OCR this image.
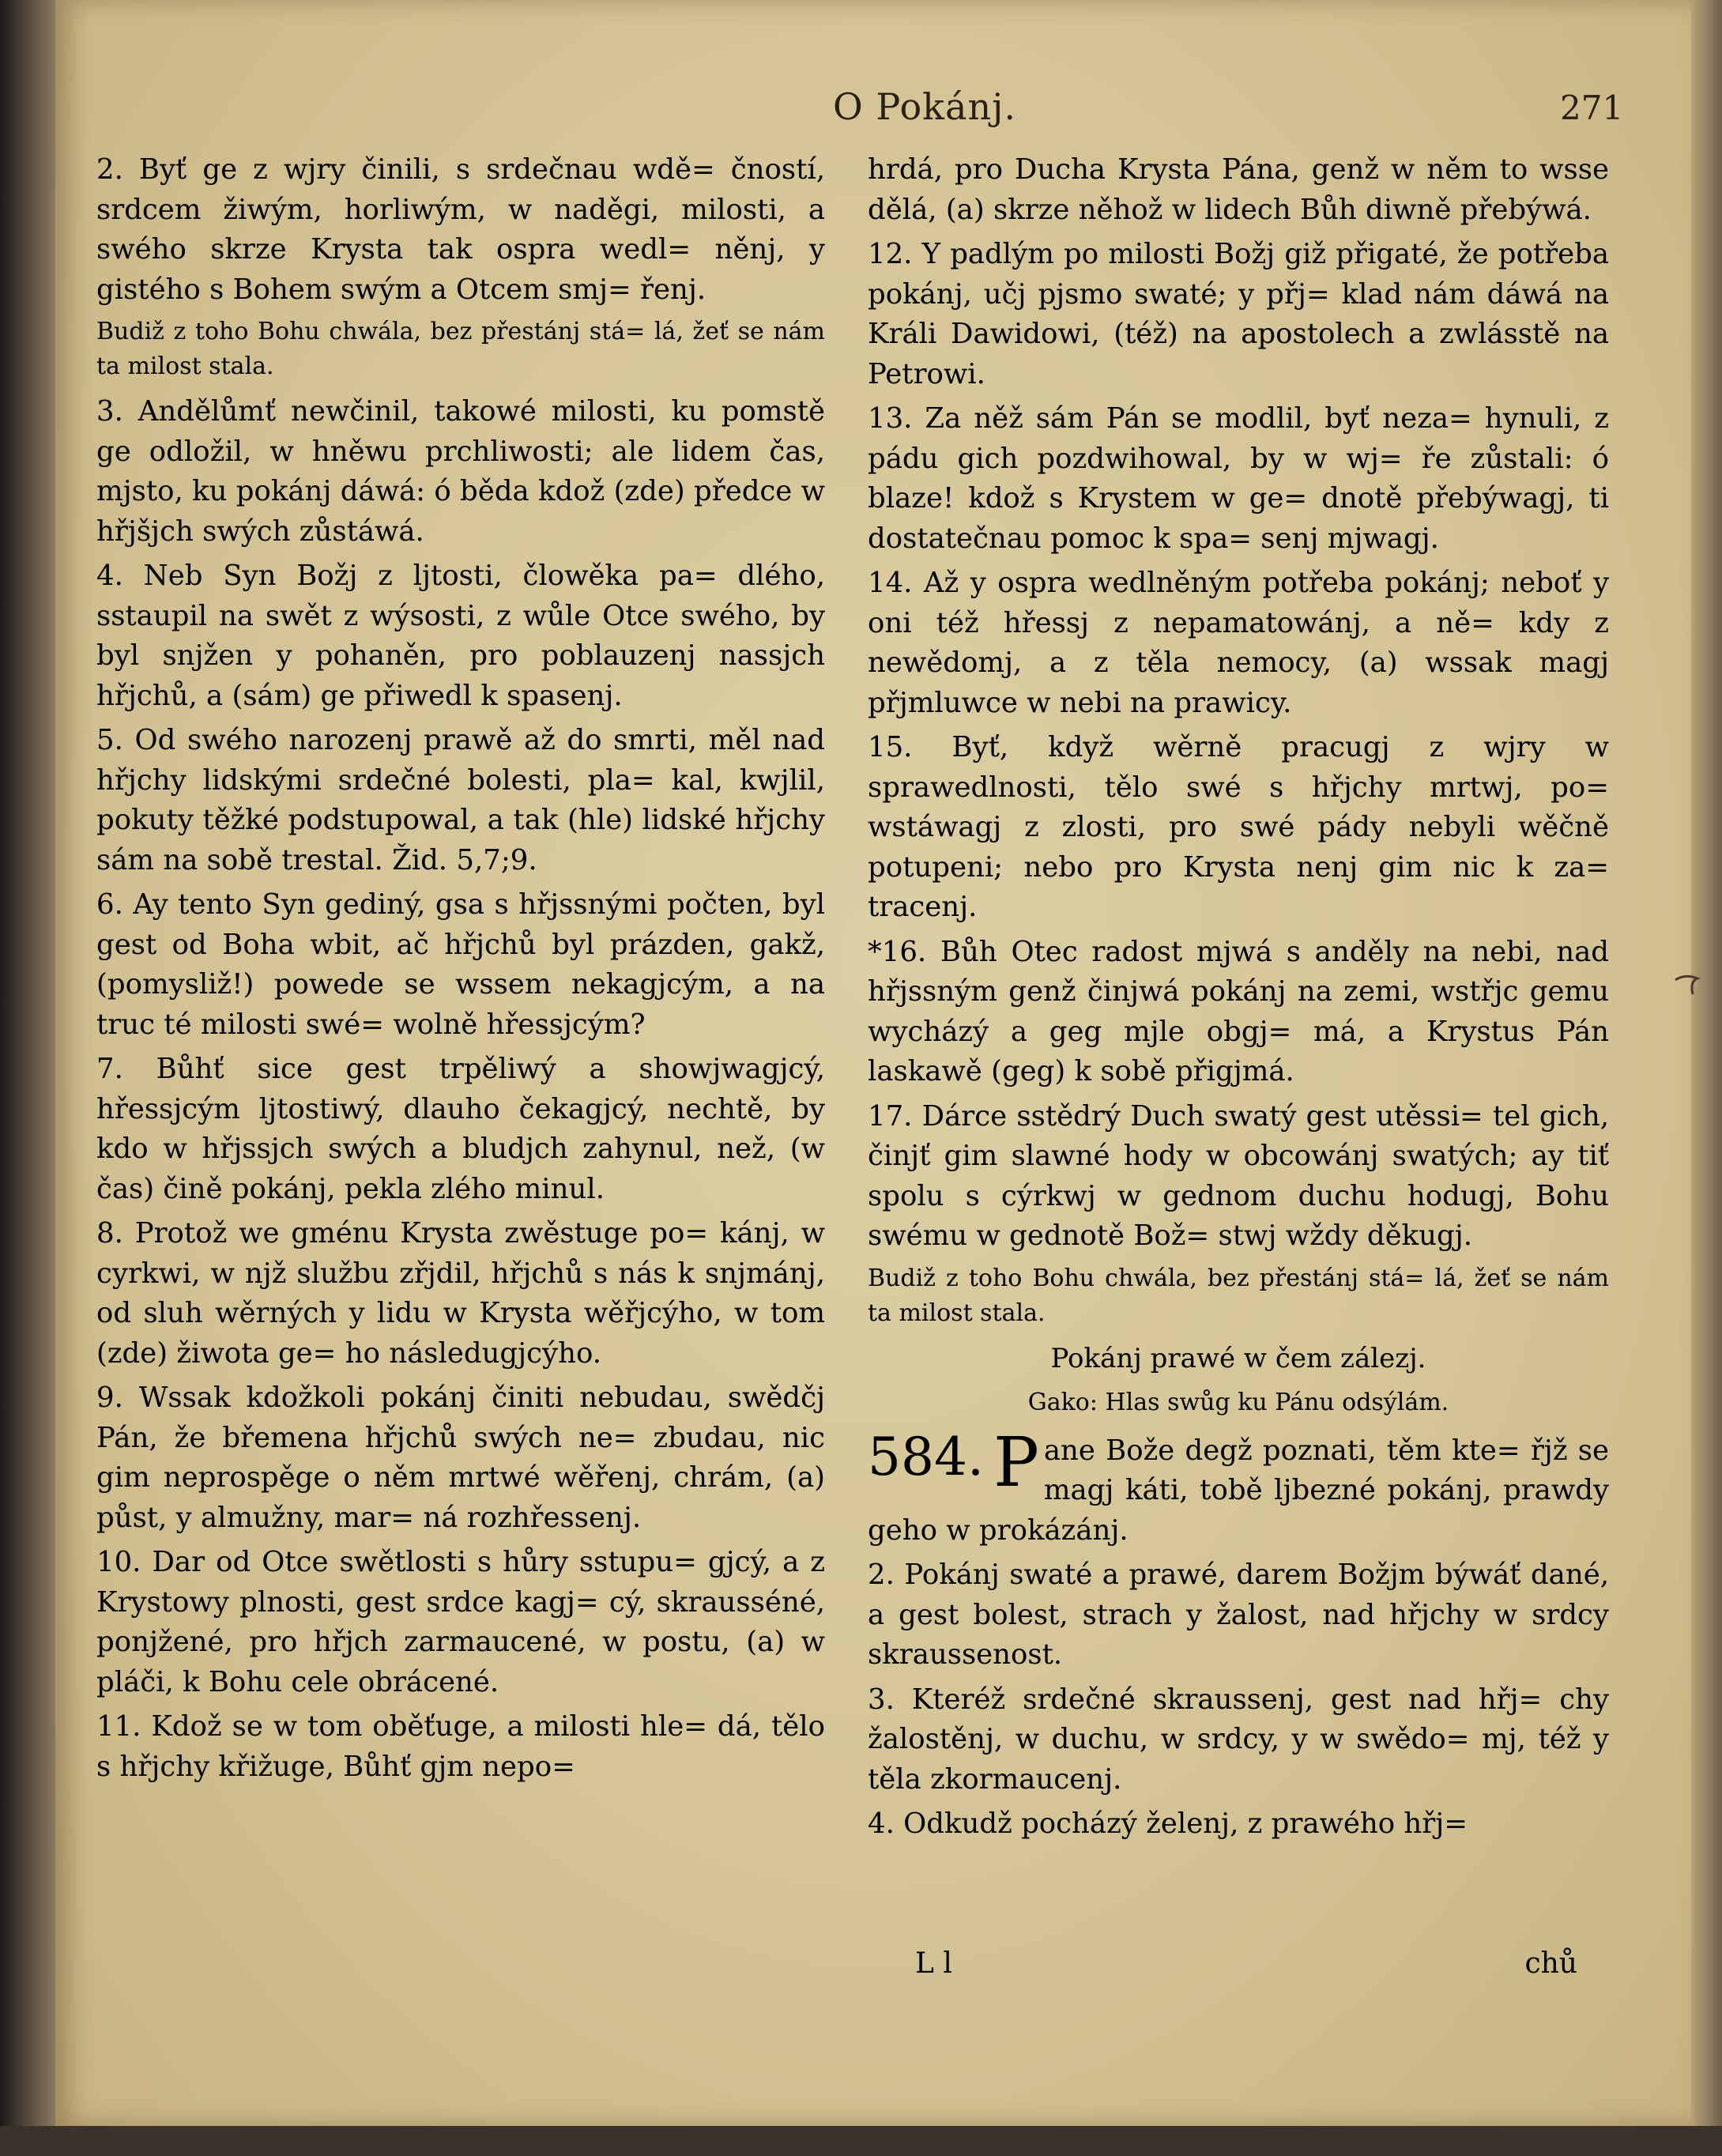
O Pokánj.	271

2. Byť ge z wjry činili, s srdečnau wdě= čností, srdcem žiwým, horliwým, w naděgi, milosti, a swého skrze Krysta tak ospra wedl= něnj, y gistého s Bohem swým a Otcem smj= řenj.

Budiž z toho Bohu chwála, bez přestánj stá= lá, žeť se nám ta milost stala.

3. Andělůmť newčinil, takowé milosti, ku pomstě ge odložil, w hněwu prchliwosti; ale lidem čas, mjsto, ku pokánj dáwá: ó běda kdož (zde) předce w hřjšjch swých zůstáwá.

4. Neb Syn Božj z ljtosti, člowěka pa= dlého, sstaupil na swět z wýsosti, z wůle Otce swého, by byl snjžen y pohaněn, pro poblauzenj nassjch hřjchů, a (sám) ge přiwedl k spasenj.

5. Od swého narozenj prawě až do smrti, měl nad hřjchy lidskými srdečné bolesti, pla= kal, kwjlil, pokuty těžké podstupowal, a tak (hle) lidské hřjchy sám na sobě trestal. Žid. 5,7;9.

6. Ay tento Syn gediný, gsa s hřjssnými počten, byl gest od Boha wbit, ač hřjchů byl prázden, gakž, (pomysliž!) powede se wssem nekagjcým, a na truc té milosti swé= wolně hřessjcým?

7. Bůhť sice gest trpěliwý a showjwagjcý, hřessjcým ljtostiwý, dlauho čekagjcý, nechtě, by kdo w hřjssjch swých a bludjch zahynul, než, (w čas) čině pokánj, pekla zlého minul.

8. Protož we gménu Krysta zwěstuge po= kánj, w cyrkwi, w njž službu zřjdil, hřjchů s nás k snjmánj, od sluh wěrných y lidu w Krysta wěřjcýho, w tom (zde) žiwota ge= ho následugjcýho.

9. Wssak kdožkoli pokánj činiti nebudau, swědčj Pán, že břemena hřjchů swých ne= zbudau, nic gim neprospěge o něm mrtwé wěřenj, chrám, (a) půst, y almužny, mar= ná rozhřessenj.

10. Dar od Otce swětlosti s hůry sstupu= gjcý, a z Krystowy plnosti, gest srdce kagj= cý, skrausséné, ponjžené, pro hřjch zarmaucené, w postu, (a) w pláči, k Bohu cele obrácené.

11. Kdož se w tom oběťuge, a milosti hle= dá, tělo s hřjchy křižuge, Bůhť gjm nepo=

hrdá, pro Ducha Krysta Pána, genž w něm to wsse dělá, (a) skrze něhož w lidech Bůh diwně přebýwá.

12. Y padlým po milosti Božj giž přigaté, že potřeba pokánj, učj pjsmo swaté; y přj= klad nám dáwá na Králi Dawidowi, (též) na apostolech a zwlásstě na Petrowi.

13. Za něž sám Pán se modlil, byť neza= hynuli, z pádu gich pozdwihowal, by w wj= ře zůstali: ó blaze! kdož s Krystem w ge= dnotě přebýwagj, ti dostatečnau pomoc k spa= senj mjwagj.

14. Až y ospra wedlněným potřeba pokánj; neboť y oni též hřessj z nepamatowánj, a ně= kdy z newědomj, a z těla nemocy, (a) wssak magj přjmluwce w nebi na prawicy.

15. Byť, když wěrně pracugj z wjry w sprawedlnosti, tělo swé s hřjchy mrtwj, po= wstáwagj z zlosti, pro swé pády nebyli wěčně potupeni; nebo pro Krysta nenj gim nic k za= tracenj.

*16. Bůh Otec radost mjwá s anděly na nebi, nad hřjssným genž činjwá pokánj na zemi, wstřjc gemu wycházý a geg mjle obgj= má, a Krystus Pán laskawě (geg) k sobě přigjmá.

17. Dárce sstědrý Duch swatý gest utěssi= tel gich, činjť gim slawné hody w obcowánj swatých; ay tiť spolu s cýrkwj w gednom duchu hodugj, Bohu swému w gednotě Bož= stwj wždy děkugj.

Budiž z toho Bohu chwála, bez přestánj stá= lá, žeť se nám ta milost stala.

Pokánj prawé w čem zálezj.

Gako: Hlas swůg ku Pánu odsýlám.

584. P ane Bože degž poznati, těm kte= řjž se magj káti, tobě ljbezné pokánj, prawdy geho w prokázánj.

2. Pokánj swaté a prawé, darem Božjm býwáť dané, a gest bolest, strach y žalost, nad hřjchy w srdcy skraussenost.

3. Kteréž srdečné skraussenj, gest nad hřj= chy žalostěnj, w duchu, w srdcy, y w swědo= mj, též y těla zkormaucenj.

4. Odkudž pocházý želenj, z prawého hřj=

L l	chů
